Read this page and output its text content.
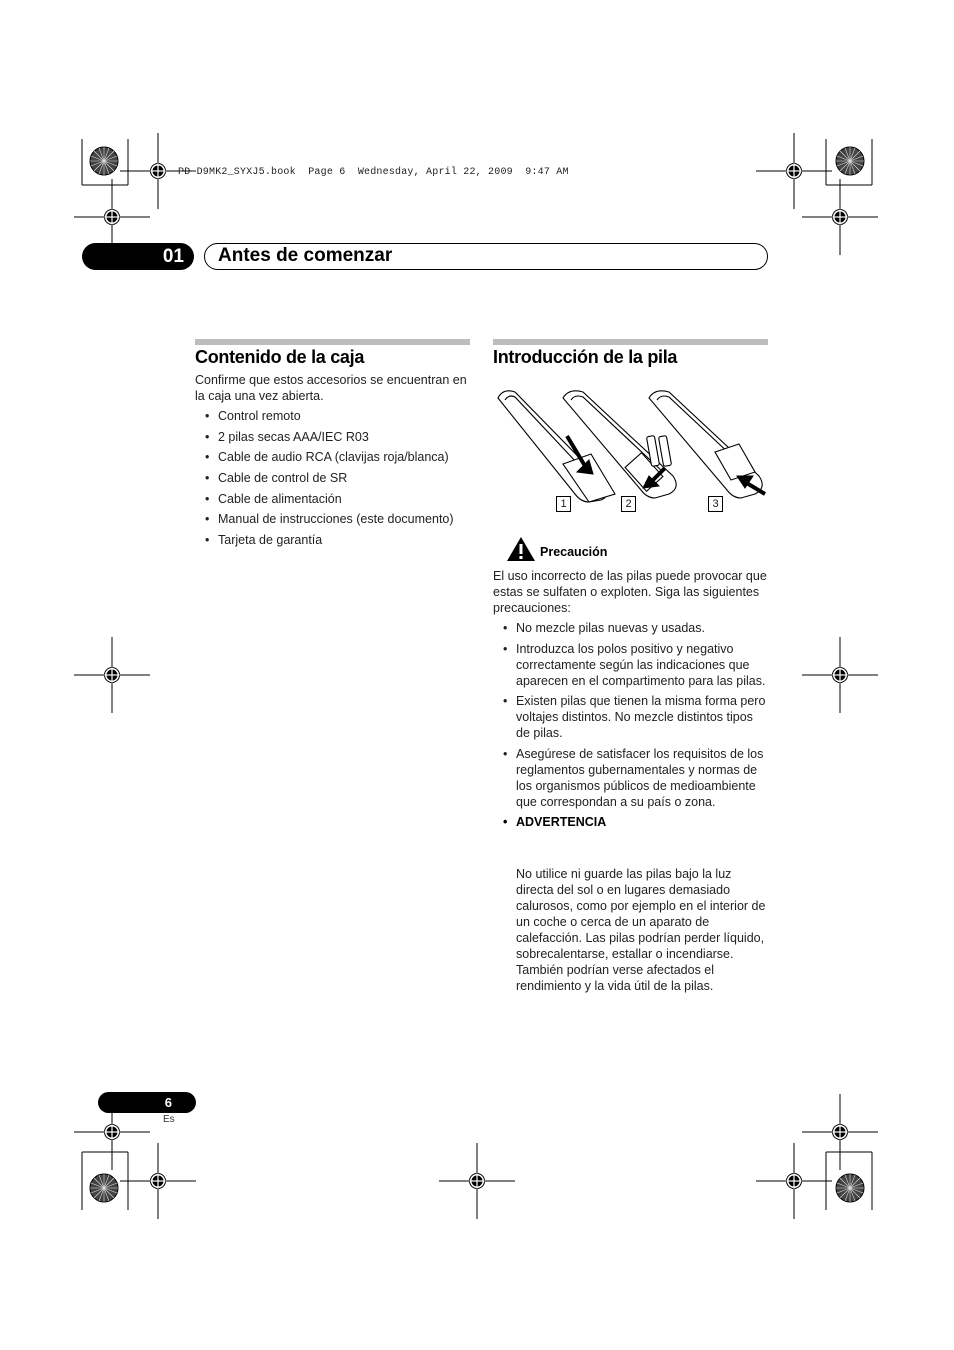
PD-D9MK2_SYXJ5.book  Page 6  Wednesday, April 22, 2009  9:47 AM
01	Antes de comenzar
Contenido de la caja
Confirme que estos accesorios se encuentran en la caja una vez abierta.
• Control remoto
• 2 pilas secas AAA/IEC R03
• Cable de audio RCA (clavijas roja/blanca)
• Cable de control de SR
• Cable de alimentación
• Manual de instrucciones (este documento)
• Tarjeta de garantía
Introducción de la pila
1	2	3
Precaución
El uso incorrecto de las pilas puede provocar que estas se sulfaten o exploten. Siga las siguientes precauciones:
• No mezcle pilas nuevas y usadas.
• Introduzca los polos positivo y negativo correctamente según las indicaciones que aparecen en el compartimento para las pilas.
• Existen pilas que tienen la misma forma pero voltajes distintos. No mezcle distintos tipos de pilas.
• Asegúrese de satisfacer los requisitos de los reglamentos gubernamentales y normas de los organismos públicos de medioambiente que correspondan a su país o zona.
• ADVERTENCIA
No utilice ni guarde las pilas bajo la luz directa del sol o en lugares demasiado calurosos, como por ejemplo en el interior de un coche o cerca de un aparato de calefacción. Las pilas podrían perder líquido, sobrecalentarse, estallar o incendiarse. También podrían verse afectados el rendimiento y la vida útil de la pilas.
6
Es
